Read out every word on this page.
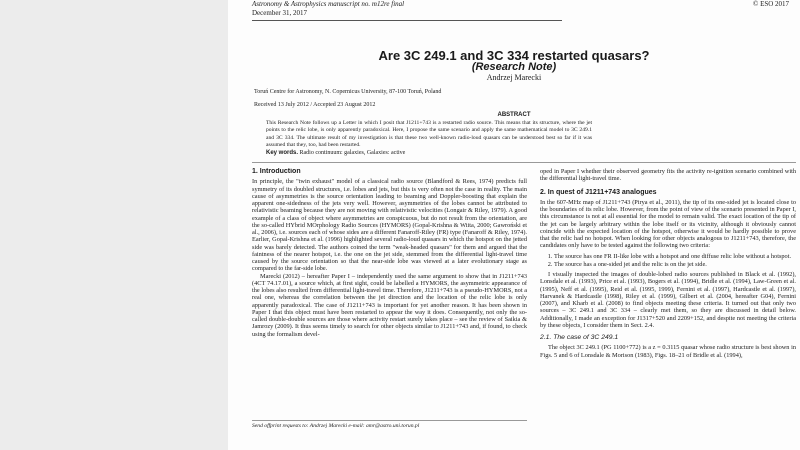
Astronomy & Astrophysics manuscript no. m12re final
December 31, 2017
© ESO 2017
Are 3C 249.1 and 3C 334 restarted quasars?
(Research Note)
Andrzej Marecki
Toruń Centre for Astronomy, N. Copernicus University, 87-100 Toruń, Poland
Received 13 July 2012 / Accepted 23 August 2012
ABSTRACT
This Research Note follows up a Letter in which I posit that J1211+743 is a restarted radio source. This means that its structure, where the jet points to the relic lobe, is only apparently paradoxical. Here, I propose the same scenario and apply the same mathematical model to 3C 249.1 and 3C 334. The ultimate result of my investigation is that these two well-known radio-loud quasars can be understood best so far if it was assumed that they, too, had been restarted.
Key words. Radio continuum: galaxies, Galaxies: active
1. Introduction

In principle, the "twin exhaust" model of a classical radio source (Blandford & Rees, 1974) predicts full symmetry of its doubled structures, i.e. lobes and jets, but this is very often not the case in reality. The main cause of asymmetries is the source orientation leading to beaming and Doppler-boosting that explain the apparent one-sidedness of the jets very well. However, asymmetries of the lobes cannot be attributed to relativistic beaming because they are not moving with relativistic velocities (Longair & Riley, 1979). A good example of a class of object where asymmetries are conspicuous, but do not result from the orientation, are the so-called HYbrid MOrphology Radio Sources (HYMORS) (Gopal-Krishna & Wiita, 2000; Gawroński et al., 2006), i.e. sources each of whose sides are a different Fanaroff-Riley (FR) type (Fanaroff & Riley, 1974). Earlier, Gopal-Krishna et al. (1996) highlighted several radio-loud quasars in which the hotspot on the jetted side was barely detected. The authors coined the term "weak-headed quasars" for them and argued that the faintness of the nearer hotspot, i.e. the one on the jet side, stemmed from the differential light-travel time caused by the source orientation so that the near-side lobe was viewed at a later evolutionary stage as compared to the far-side lobe.

Marecki (2012) – hereafter Paper I – independently used the same argument to show that in J1211+743 (4CT 74.17.01), a source which, at first sight, could be labelled a HYMORS, the asymmetric appearance of the lobes also resulted from differential light-travel time. Therefore, J1211+743 is a pseudo-HYMORS, not a real one, whereas the correlation between the jet direction and the location of the relic lobe is only apparently paradoxical. The case of J1211+743 is important for yet another reason. It has been shown in Paper I that this object must have been restarted to appear the way it does. Consequently, not only the so-called double-double sources are those where activity restart surely takes place – see the review of Saikia & Jamrozy (2009). It thus seems timely to search for other objects similar to J1211+743 and, if found, to check using the formalism devel-

Send offprint requests to: Andrzej Marecki e-mail: amr@astro.uni.torun.pl

oped in Paper I whether their observed geometry fits the activity re-ignition scenario combined with the differential light-travel time.

2. In quest of J1211+743 analogues

In the 607-MHz map of J1211+743 (Pirya et al., 2011), the tip of its one-sided jet is located close to the boundaries of its relic lobe. However, from the point of view of the scenario presented in Paper I, this circumstance is not at all essential for the model to remain valid. The exact location of the tip of the jet can be largely arbitrary within the lobe itself or its vicinity, although it obviously cannot coincide with the expected location of the hotspot, otherwise it would be hardly possible to prove that the relic had no hotspot. When looking for other objects analogous to J1211+743, therefore, the candidates only have to be tested against the following two criteria:

1. The source has one FR II-like lobe with a hotspot and one diffuse relic lobe without a hotspot.
2. The source has a one-sided jet and the relic is on the jet side.

I visually inspected the images of double-lobed radio sources published in Black et al. (1992), Lonsdale et al. (1993), Price et al. (1993), Bogers et al. (1994), Bridle et al. (1994), Law-Green et al. (1995), Neff et al. (1995), Reid et al. (1995, 1999), Fernini et al. (1997), Hardcastle et al. (1997), Harvanek & Hardcastle (1998), Riley et al. (1999), Gilbert et al. (2004, hereafter G04), Fernini (2007), and Kharb et al. (2008) to find objects meeting these criteria. It turned out that only two sources – 3C 249.1 and 3C 334 – clearly met them, so they are discussed in detail below. Additionally, I made an exception for J1317+520 and 2209+152, and despite not meeting the criteria by these objects, I consider them in Sect. 2.4.

2.1. The case of 3C 249.1

The object 3C 249.1 (PG 1100+772) is a z = 0.3115 quasar whose radio structure is best shown in Figs. 5 and 6 of Lonsdale & Morison (1983), Figs. 18–21 of Bridle et al. (1994),
